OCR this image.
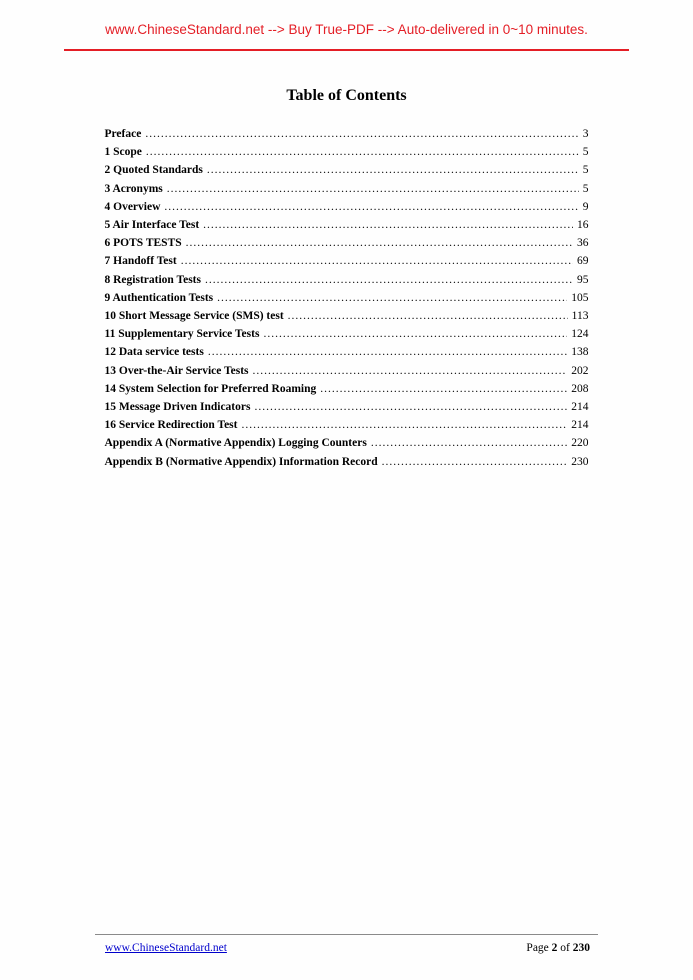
www.ChineseStandard.net --> Buy True-PDF --> Auto-delivered in 0~10 minutes.
Table of Contents
Preface .....	3
1 Scope .....	5
2 Quoted Standards .....	5
3 Acronyms .....	5
4 Overview .....	9
5 Air Interface Test .....	16
6 POTS TESTS .....	36
7 Handoff Test .....	69
8 Registration Tests .....	95
9 Authentication Tests .....	105
10 Short Message Service (SMS) test .....	113
11 Supplementary Service Tests .....	124
12 Data service tests .....	138
13 Over-the-Air Service Tests .....	202
14 System Selection for Preferred Roaming .....	208
15 Message Driven Indicators .....	214
16 Service Redirection Test .....	214
Appendix A (Normative Appendix) Logging Counters .....	220
Appendix B (Normative Appendix) Information Record .....	230
www.ChineseStandard.net	Page 2 of 230
